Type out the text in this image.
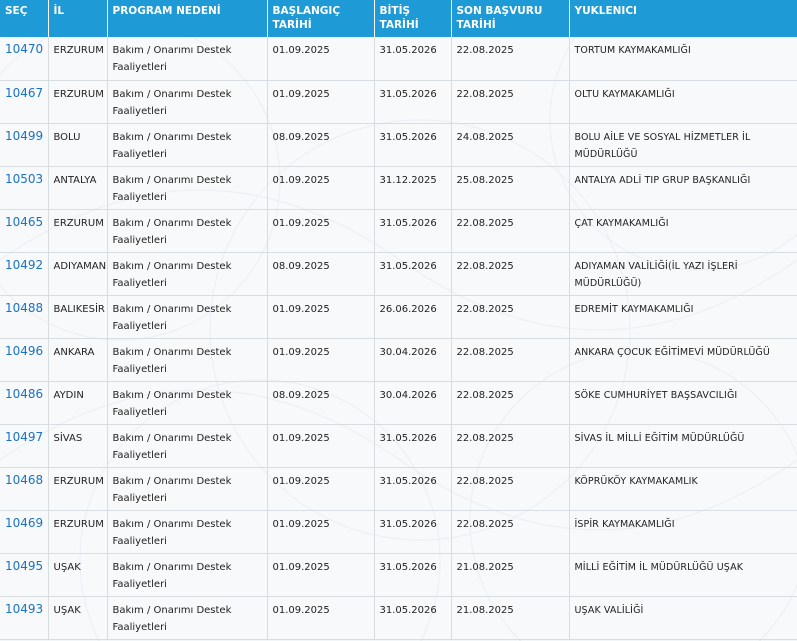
SEÇ	İL	PROGRAM NEDENİ	BAŞLANGIÇ TARİHİ	BİTİŞ TARİHİ	SON BAŞVURU TARİHİ	YUKLENICI
10470	ERZURUM	Bakım / Onarımı Destek Faaliyetleri	01.09.2025	31.05.2026	22.08.2025	TORTUM KAYMAKAMLIĞI
10467	ERZURUM	Bakım / Onarımı Destek Faaliyetleri	01.09.2025	31.05.2026	22.08.2025	OLTU KAYMAKAMLIĞI
10499	BOLU	Bakım / Onarımı Destek Faaliyetleri	08.09.2025	31.05.2026	24.08.2025	BOLU AİLE VE SOSYAL HİZMETLER İL MÜDÜRLÜĞÜ
10503	ANTALYA	Bakım / Onarımı Destek Faaliyetleri	01.09.2025	31.12.2025	25.08.2025	ANTALYA ADLİ TIP GRUP BAŞKANLIĞI
10465	ERZURUM	Bakım / Onarımı Destek Faaliyetleri	01.09.2025	31.05.2026	22.08.2025	ÇAT KAYMAKAMLIĞI
10492	ADIYAMAN	Bakım / Onarımı Destek Faaliyetleri	08.09.2025	31.05.2026	22.08.2025	ADIYAMAN VALİLİĞİ(İL YAZI İŞLERİ MÜDÜRLÜĞÜ)
10488	BALIKESİR	Bakım / Onarımı Destek Faaliyetleri	01.09.2025	26.06.2026	22.08.2025	EDREMİT KAYMAKAMLIĞI
10496	ANKARA	Bakım / Onarımı Destek Faaliyetleri	01.09.2025	30.04.2026	22.08.2025	ANKARA ÇOCUK EĞİTİMEVİ MÜDÜRLÜĞÜ
10486	AYDIN	Bakım / Onarımı Destek Faaliyetleri	08.09.2025	30.04.2026	22.08.2025	SÖKE CUMHURİYET BAŞSAVCILIĞI
10497	SİVAS	Bakım / Onarımı Destek Faaliyetleri	01.09.2025	31.05.2026	22.08.2025	SİVAS İL MİLLİ EĞİTİM MÜDÜRLÜĞÜ
10468	ERZURUM	Bakım / Onarımı Destek Faaliyetleri	01.09.2025	31.05.2026	22.08.2025	KÖPRÜKÖY KAYMAKAMLIK
10469	ERZURUM	Bakım / Onarımı Destek Faaliyetleri	01.09.2025	31.05.2026	22.08.2025	İSPİR KAYMAKAMLIĞI
10495	UŞAK	Bakım / Onarımı Destek Faaliyetleri	01.09.2025	31.05.2026	21.08.2025	MİLLİ EĞİTİM İL MÜDÜRLÜĞÜ UŞAK
10493	UŞAK	Bakım / Onarımı Destek Faaliyetleri	01.09.2025	31.05.2026	21.08.2025	UŞAK VALİLİĞİ
